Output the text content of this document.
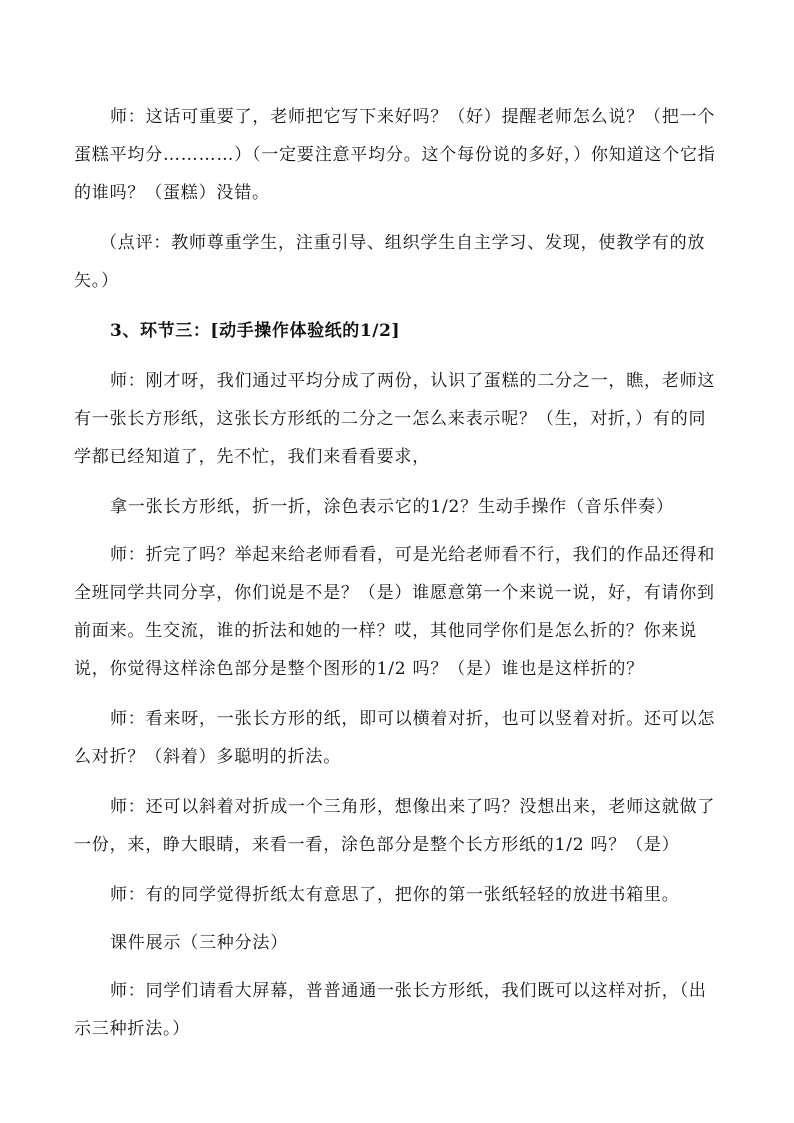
师：这话可重要了，老师把它写下来好吗？（好）提醒老师怎么说？（把一个蛋糕平均分…………）（一定要注意平均分。这个每份说的多好，）你知道这个它指的谁吗？（蛋糕）没错。

（点评：教师尊重学生，注重引导、组织学生自主学习、发现，使教学有的放矢。）

3、环节三：[动手操作体验纸的1/2]

师：刚才呀，我们通过平均分成了两份，认识了蛋糕的二分之一，瞧，老师这有一张长方形纸，这张长方形纸的二分之一怎么来表示呢？（生，对折，）有的同学都已经知道了，先不忙，我们来看看要求，

拿一张长方形纸，折一折，涂色表示它的1/2？生动手操作（音乐伴奏）

师：折完了吗？举起来给老师看看，可是光给老师看不行，我们的作品还得和全班同学共同分享，你们说是不是？（是）谁愿意第一个来说一说，好，有请你到前面来。生交流，谁的折法和她的一样？哎，其他同学你们是怎么折的？你来说说，你觉得这样涂色部分是整个图形的1/2 吗？（是）谁也是这样折的？

师：看来呀，一张长方形的纸，即可以横着对折，也可以竖着对折。还可以怎么对折？（斜着）多聪明的折法。

师：还可以斜着对折成一个三角形，想像出来了吗？没想出来，老师这就做了一份，来，睁大眼睛，来看一看，涂色部分是整个长方形纸的1/2 吗？（是）

师：有的同学觉得折纸太有意思了，把你的第一张纸轻轻的放进书箱里。

课件展示（三种分法）

师：同学们请看大屏幕，普普通通一张长方形纸，我们既可以这样对折，（出示三种折法。）
